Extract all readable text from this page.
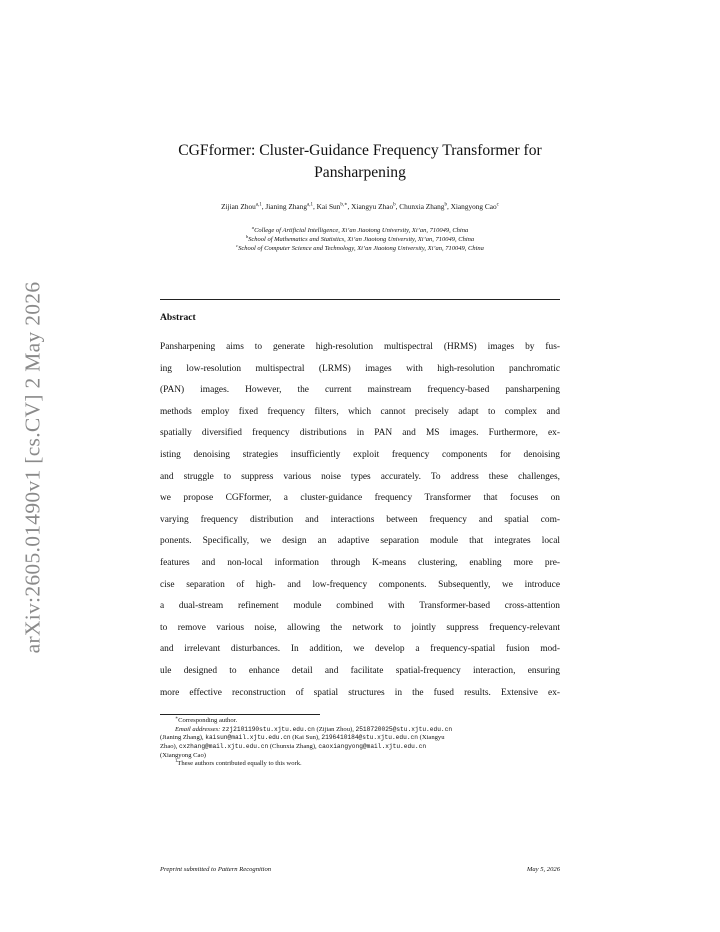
arXiv:2605.01490v1 [cs.CV] 2 May 2026
CGFformer: Cluster-Guidance Frequency Transformer for
Pansharpening
Zijian Zhou$^{a,1}$, Jianing Zhang$^{a,1}$, Kai Sun$^{b,∗}$, Xiangyu Zhao$^b$, Chunxia Zhang$^b$, Xiangyong Cao$^c$
$^a$College of Artificial Intelligence, Xi’an Jiaotong University, Xi’an, 710049, China
$^b$School of Mathematics and Statistics, Xi’an Jiaotong University, Xi’an, 710049, China
$^c$School of Computer Science and Technology, Xi’an Jiaotong University, Xi’an, 710049, China
Abstract
Pansharpening aims to generate high-resolution multispectral (HRMS) images by fus-
ing low-resolution multispectral (LRMS) images with high-resolution panchromatic
(PAN) images. However, the current mainstream frequency-based pansharpening
methods employ fixed frequency filters, which cannot precisely adapt to complex and
spatially diversified frequency distributions in PAN and MS images. Furthermore, ex-
isting denoising strategies insufficiently exploit frequency components for denoising
and struggle to suppress various noise types accurately. To address these challenges,
we propose CGFformer, a cluster-guidance frequency Transformer that focuses on
varying frequency distribution and interactions between frequency and spatial com-
ponents. Specifically, we design an adaptive separation module that integrates local
features and non-local information through K-means clustering, enabling more pre-
cise separation of high- and low-frequency components. Subsequently, we introduce
a dual-stream refinement module combined with Transformer-based cross-attention
to remove various noise, allowing the network to jointly suppress frequency-relevant
and irrelevant disturbances. In addition, we develop a frequency-spatial fusion mod-
ule designed to enhance detail and facilitate spatial-frequency interaction, ensuring
more effective reconstruction of spatial structures in the fused results. Extensive ex-
∗Corresponding author.
Email addresses: zzj2101190stu.xjtu.edu.cn (Zijian Zhou), 2518720025@stu.xjtu.edu.cn
(Jianing Zhang), kaisun@mail.xjtu.edu.cn (Kai Sun), 2196410184@stu.xjtu.edu.cn (Xiangyu
Zhao), cxzhang@mail.xjtu.edu.cn (Chunxia Zhang), caoxiangyong@mail.xjtu.edu.cn
(Xiangyong Cao)
$^1$These authors contributed equally to this work.
Preprint submitted to Pattern Recognition	May 5, 2026
